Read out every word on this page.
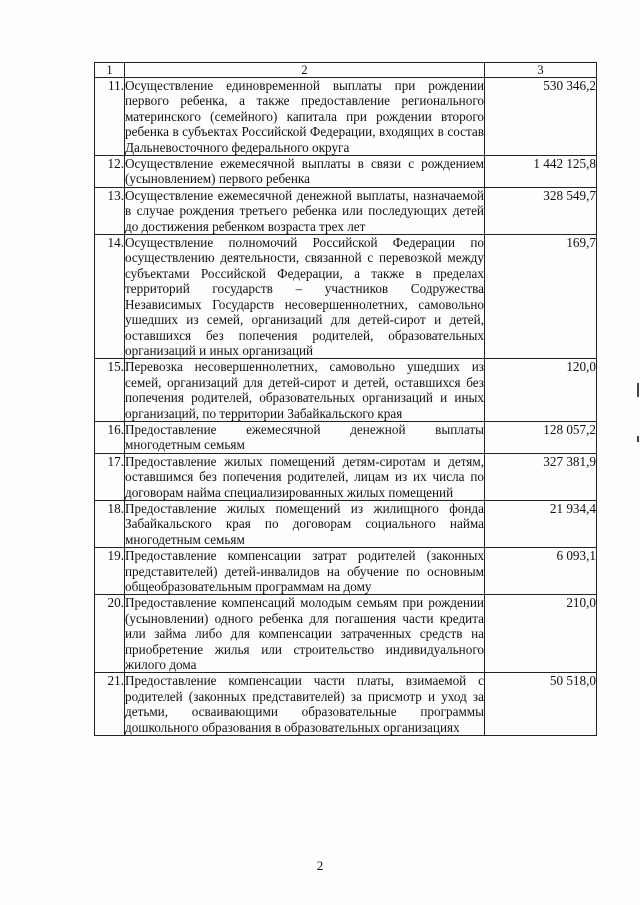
1	2	3
11.	Осуществление единовременной выплаты при рождении первого ребенка, а также предоставление регионального материнского (семейного) капитала при рождении второго ребенка в субъектах Российской Федерации, входящих в состав Дальневосточного федерального округа	530 346,2
12.	Осуществление ежемесячной выплаты в связи с рождением (усыновлением) первого ребенка	1 442 125,8
13.	Осуществление ежемесячной денежной выплаты, назначаемой в случае рождения третьего ребенка или последующих детей до достижения ребенком возраста трех лет	328 549,7
14.	Осуществление полномочий Российской Федерации по осуществлению деятельности, связанной с перевозкой между субъектами Российской Федерации, а также в пределах территорий государств – участников Содружества Независимых Государств несовершеннолетних, самовольно ушедших из семей, организаций для детей-сирот и детей, оставшихся без попечения родителей, образовательных организаций и иных организаций	169,7
15.	Перевозка несовершеннолетних, самовольно ушедших из семей, организаций для детей-сирот и детей, оставшихся без попечения родителей, образовательных организаций и иных организаций, по территории Забайкальского края	120,0
16.	Предоставление ежемесячной денежной выплаты многодетным семьям	128 057,2
17.	Предоставление жилых помещений детям-сиротам и детям, оставшимся без попечения родителей, лицам из их числа по договорам найма специализированных жилых помещений	327 381,9
18.	Предоставление жилых помещений из жилищного фонда Забайкальского края по договорам социального найма многодетным семьям	21 934,4
19.	Предоставление компенсации затрат родителей (законных представителей) детей-инвалидов на обучение по основным общеобразовательным программам на дому	6 093,1
20.	Предоставление компенсаций молодым семьям при рождении (усыновлении) одного ребенка для погашения части кредита или займа либо для компенсации затраченных средств на приобретение жилья или строительство индивидуального жилого дома	210,0
21.	Предоставление компенсации части платы, взимаемой с родителей (законных представителей) за присмотр и уход за детьми, осваивающими образовательные программы дошкольного образования в образовательных организациях	50 518,0
2
